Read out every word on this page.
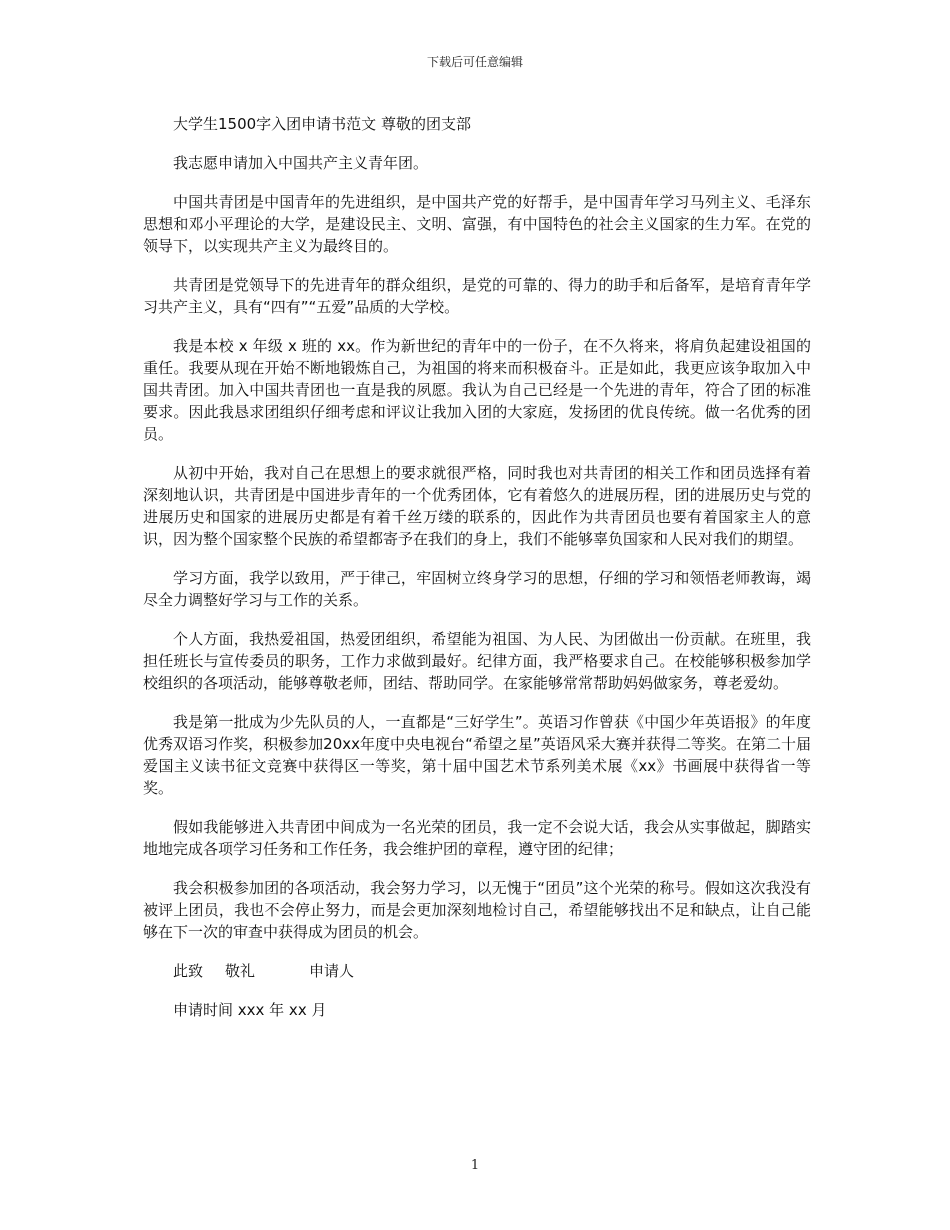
下载后可任意编辑

大学生1500字入团申请书范文 尊敬的团支部

我志愿申请加入中国共产主义青年团。

中国共青团是中国青年的先进组织，是中国共产党的好帮手，是中国青年学习马列主义、毛泽东思想和邓小平理论的大学，是建设民主、文明、富强，有中国特色的社会主义国家的生力军。在党的领导下，以实现共产主义为最终目的。

共青团是党领导下的先进青年的群众组织，是党的可靠的、得力的助手和后备军，是培育青年学习共产主义，具有“四有”“五爱”品质的大学校。

我是本校 x 年级 x 班的 xx。作为新世纪的青年中的一份子，在不久将来，将肩负起建设祖国的重任。我要从现在开始不断地锻炼自己，为祖国的将来而积极奋斗。正是如此，我更应该争取加入中国共青团。加入中国共青团也一直是我的夙愿。我认为自己已经是一个先进的青年，符合了团的标准要求。因此我恳求团组织仔细考虑和评议让我加入团的大家庭，发扬团的优良传统。做一名优秀的团员。

从初中开始，我对自己在思想上的要求就很严格，同时我也对共青团的相关工作和团员选择有着深刻地认识，共青团是中国进步青年的一个优秀团体，它有着悠久的进展历程，团的进展历史与党的进展历史和国家的进展历史都是有着千丝万缕的联系的，因此作为共青团员也要有着国家主人的意识，因为整个国家整个民族的希望都寄予在我们的身上，我们不能够辜负国家和人民对我们的期望。

学习方面，我学以致用，严于律己，牢固树立终身学习的思想，仔细的学习和领悟老师教诲，竭尽全力调整好学习与工作的关系。

个人方面，我热爱祖国，热爱团组织，希望能为祖国、为人民、为团做出一份贡献。在班里，我担任班长与宣传委员的职务，工作力求做到最好。纪律方面，我严格要求自己。在校能够积极参加学校组织的各项活动，能够尊敬老师，团结、帮助同学。在家能够常常帮助妈妈做家务，尊老爱幼。

我是第一批成为少先队员的人，一直都是“三好学生”。英语习作曾获《中国少年英语报》的年度优秀双语习作奖，积极参加20xx年度中央电视台“希望之星”英语风采大赛并获得二等奖。在第二十届爱国主义读书征文竞赛中获得区一等奖，第十届中国艺术节系列美术展《xx》书画展中获得省一等奖。

假如我能够进入共青团中间成为一名光荣的团员，我一定不会说大话，我会从实事做起，脚踏实地地完成各项学习任务和工作任务，我会维护团的章程，遵守团的纪律；

我会积极参加团的各项活动，我会努力学习，以无愧于“团员”这个光荣的称号。假如这次我没有被评上团员，我也不会停止努力，而是会更加深刻地检讨自己，希望能够找出不足和缺点，让自己能够在下一次的审查中获得成为团员的机会。

此致 敬礼	申请人
申请时间 xxx 年 xx 月
1
